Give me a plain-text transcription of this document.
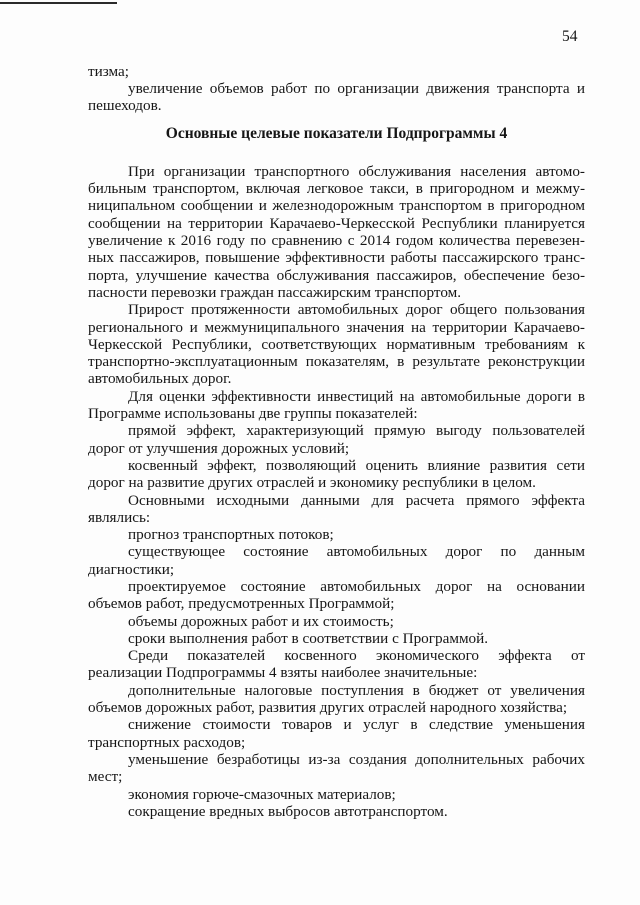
54
тизма;
увеличение объемов работ по организации движения транспорта и
пешеходов.
Основные целевые показатели Подпрограммы 4
При организации транспортного обслуживания населения автомо-
бильным транспортом, включая легковое такси, в пригородном и межму-
ниципальном сообщении и железнодорожным транспортом в пригородном
сообщении на территории Карачаево-Черкесской Республики планируется
увеличение к 2016 году по сравнению с 2014 годом количества перевезен-
ных пассажиров, повышение эффективности работы пассажирского транс-
порта, улучшение качества обслуживания пассажиров, обеспечение безо-
пасности перевозки граждан пассажирским транспортом.
Прирост протяженности автомобильных дорог общего пользования
регионального и межмуниципального значения на территории Карачаево-
Черкесской Республики, соответствующих нормативным требованиям к
транспортно-эксплуатационным показателям, в результате реконструкции
автомобильных дорог.
Для оценки эффективности инвестиций на автомобильные дороги в
Программе использованы две группы показателей:
прямой эффект, характеризующий прямую выгоду пользователей
дорог от улучшения дорожных условий;
косвенный эффект, позволяющий оценить влияние развития сети
дорог на развитие других отраслей и экономику республики в целом.
Основными исходными данными для расчета прямого эффекта
являлись:
прогноз транспортных потоков;
существующее состояние автомобильных дорог по данным
диагностики;
проектируемое состояние автомобильных дорог на основании
объемов работ, предусмотренных Программой;
объемы дорожных работ и их стоимость;
сроки выполнения работ в соответствии с Программой.
Среди показателей косвенного экономического эффекта от
реализации Подпрограммы 4 взяты наиболее значительные:
дополнительные налоговые поступления в бюджет от увеличения
объемов дорожных работ, развития других отраслей народного хозяйства;
снижение стоимости товаров и услуг в следствие уменьшения
транспортных расходов;
уменьшение безработицы из-за создания дополнительных рабочих
мест;
экономия горюче-смазочных материалов;
сокращение вредных выбросов автотранспортом.
